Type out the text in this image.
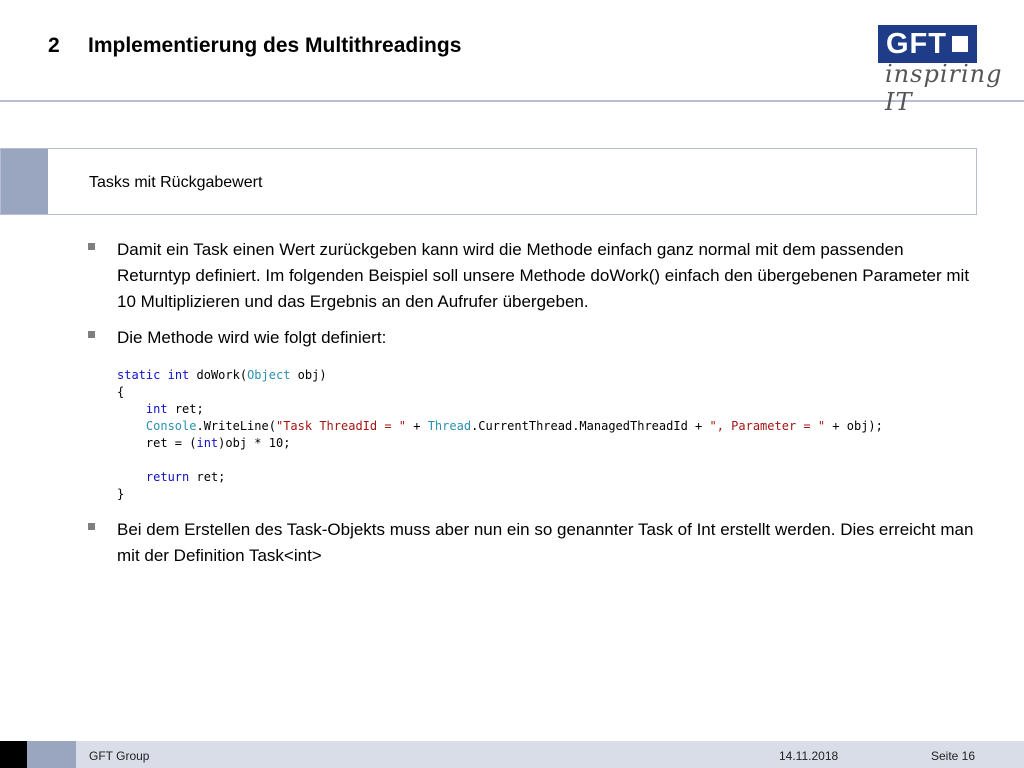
2 Implementierung des Multithreadings	GFT
inspiring IT
Tasks mit Rückgabewert
Damit ein Task einen Wert zurückgeben kann wird die Methode einfach ganz normal mit dem passenden Returntyp definiert. Im folgenden Beispiel soll unsere Methode doWork() einfach den übergebenen Parameter mit 10 Multiplizieren und das Ergebnis an den Aufrufer übergeben.
Die Methode wird wie folgt definiert:
static int doWork(Object obj)
{
int ret;
Console.WriteLine("Task ThreadId = " + Thread.CurrentThread.ManagedThreadId + ", Parameter = " + obj);
ret = (int)obj * 10;
return ret;
}
Bei dem Erstellen des Task-Objekts muss aber nun ein so genannter Task of Int erstellt werden. Dies erreicht man mit der Definition Task<int>
GFT Group	14.11.2018	Seite 16
